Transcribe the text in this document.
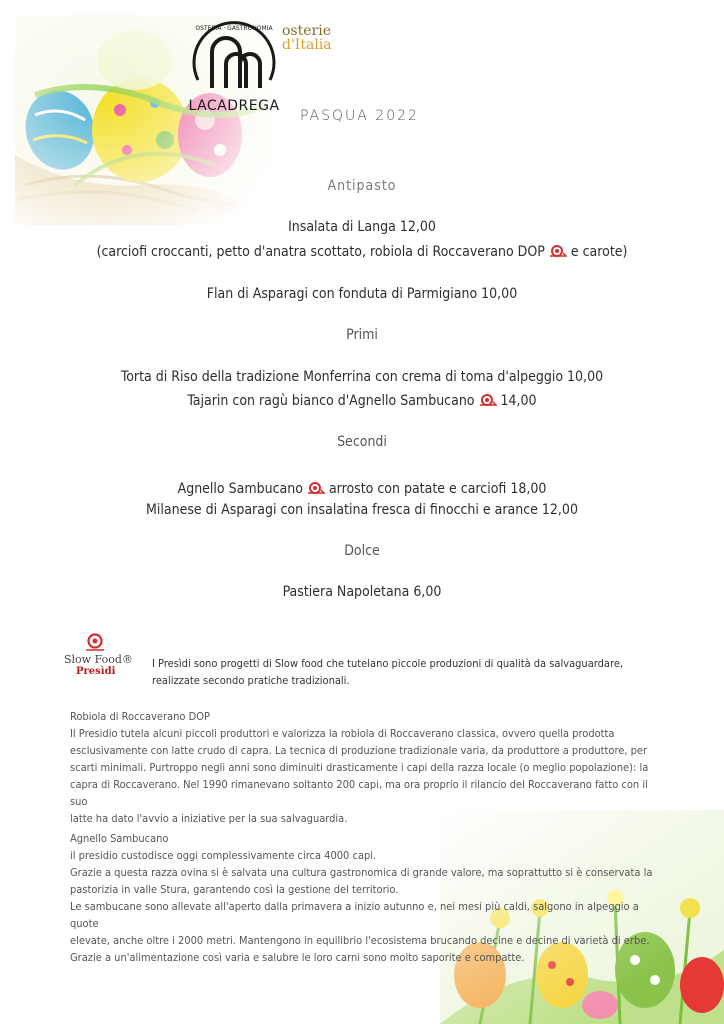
OSTERIA · GASTRONOMIA
LACADREGA
osterie
d'Italia
PASQUA 2022
Antipasto
Insalata di Langa 12,00
(carciofi croccanti, petto d'anatra scottato, robiola di Roccaverano DOP e carote)
Flan di Asparagi con fonduta di Parmigiano 10,00
Primi
Torta di Riso della tradizione Monferrina con crema di toma d'alpeggio 10,00
Tajarin con ragù bianco d'Agnello Sambucano 14,00
Secondi
Agnello Sambucano arrosto con patate e carciofi 18,00
Milanese di Asparagi con insalatina fresca di finocchi e arance 12,00
Dolce
Pastiera Napoletana 6,00
Slow Food®
Presìdi
I Presìdi sono progetti di Slow food che tutelano piccole produzioni di qualità da salvaguardare,
realizzate secondo pratiche tradizionali.

Robiola di Roccaverano DOP

Il Presidio tutela alcuni piccoli produttori e valorizza la robiola di Roccaverano classica, ovvero quella prodotta

esclusivamente con latte crudo di capra. La tecnica di produzione tradizionale varia, da produttore a produttore, per

scarti minimali. Purtroppo negli anni sono diminuiti drasticamente i capi della razza locale (o meglio popolazione): la

capra di Roccaverano. Nel 1990 rimanevano soltanto 200 capi, ma ora proprio il rilancio del Roccaverano fatto con il suo

latte ha dato l'avvio a iniziative per la sua salvaguardia.

Agnello Sambucano

il presidio custodisce oggi complessivamente circa 4000 capi.

Grazie a questa razza ovina si è salvata una cultura gastronomica di grande valore, ma soprattutto si è conservata la

pastorizia in valle Stura, garantendo così la gestione del territorio.

Le sambucane sono allevate all'aperto dalla primavera a inizio autunno e, nei mesi più caldi, salgono in alpeggio a quote

elevate, anche oltre i 2000 metri. Mantengono in equilibrio l'ecosistema brucando decine e decine di varietà di erbe.

Grazie a un'alimentazione così varia e salubre le loro carni sono molto saporite e compatte.
